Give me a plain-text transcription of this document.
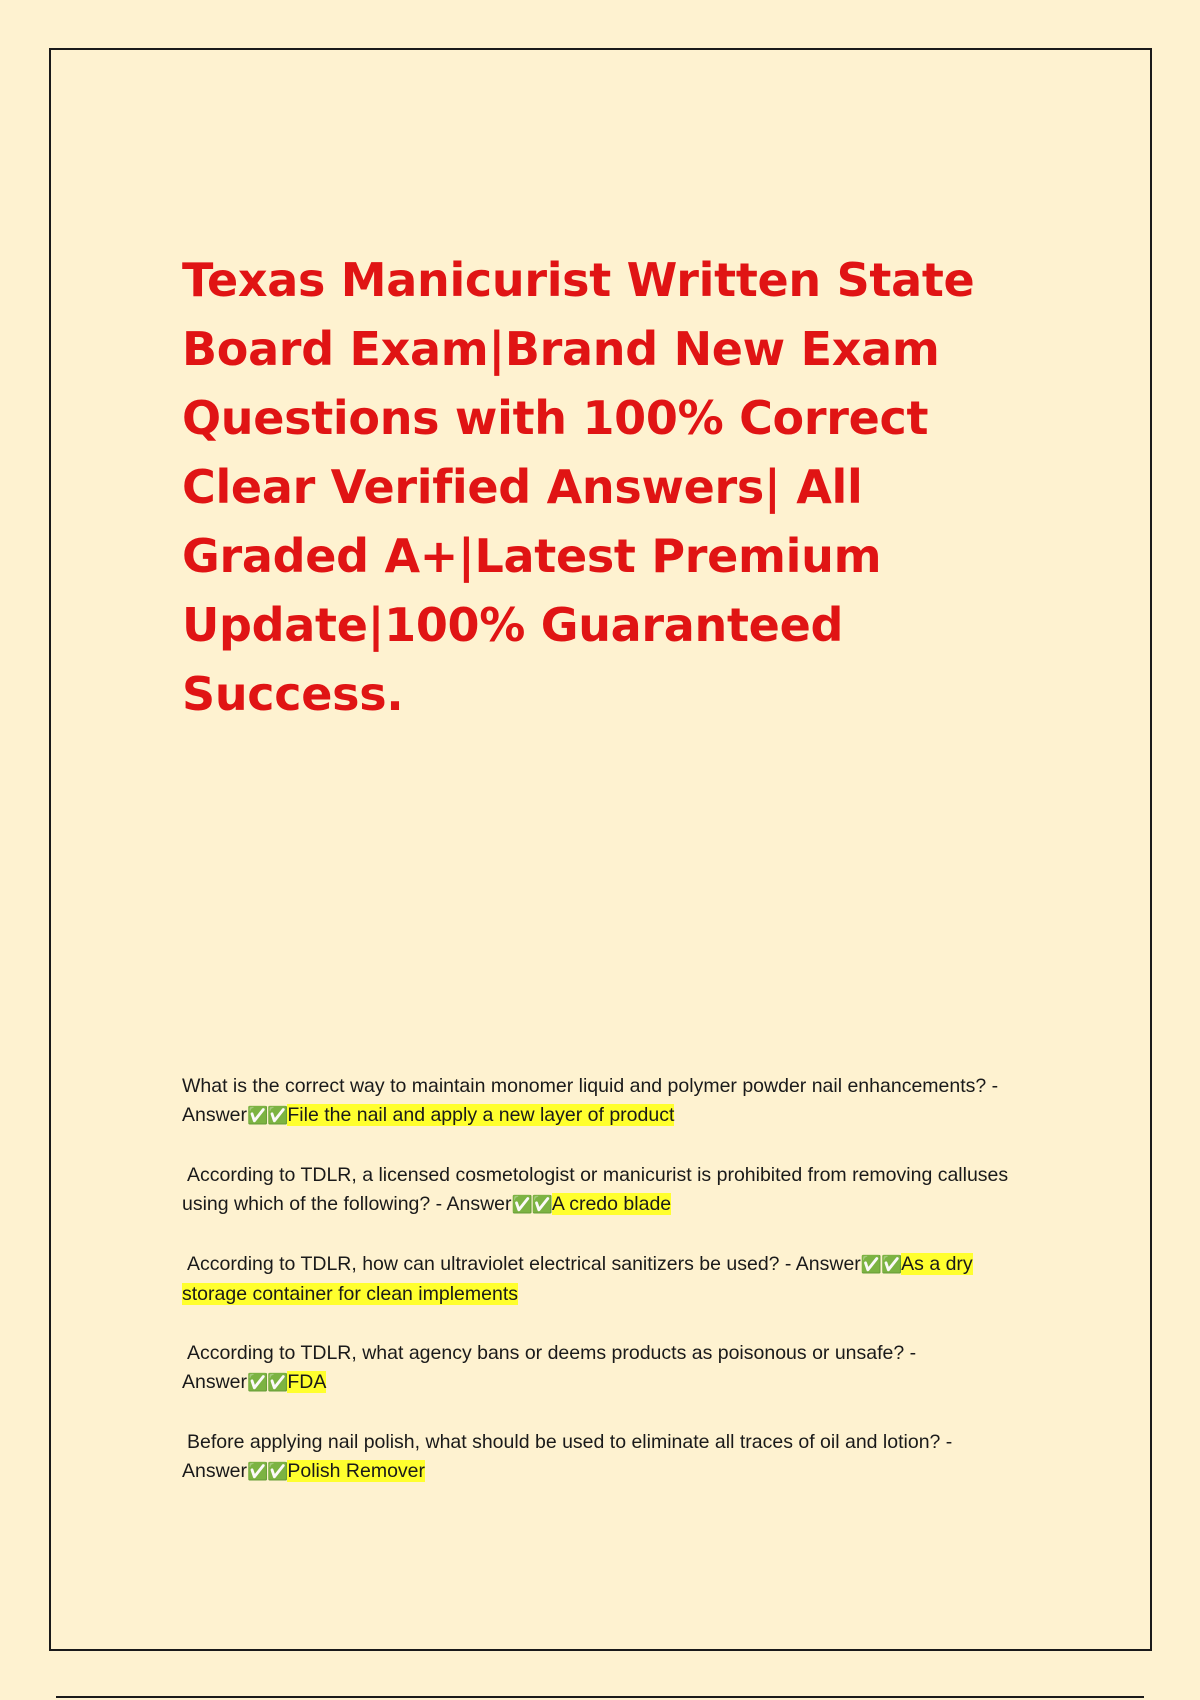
Texas Manicurist Written State Board Exam|Brand New Exam Questions with 100% Correct Clear Verified Answers| All Graded A+|Latest Premium Update|100% Guaranteed Success.
What is the correct way to maintain monomer liquid and polymer powder nail enhancements? - Answer✅✅File the nail and apply a new layer of product
According to TDLR, a licensed cosmetologist or manicurist is prohibited from removing calluses using which of the following? - Answer✅✅A credo blade
According to TDLR, how can ultraviolet electrical sanitizers be used? - Answer✅✅As a dry storage container for clean implements
According to TDLR, what agency bans or deems products as poisonous or unsafe? - Answer✅✅FDA
Before applying nail polish, what should be used to eliminate all traces of oil and lotion? - Answer✅✅Polish Remover
